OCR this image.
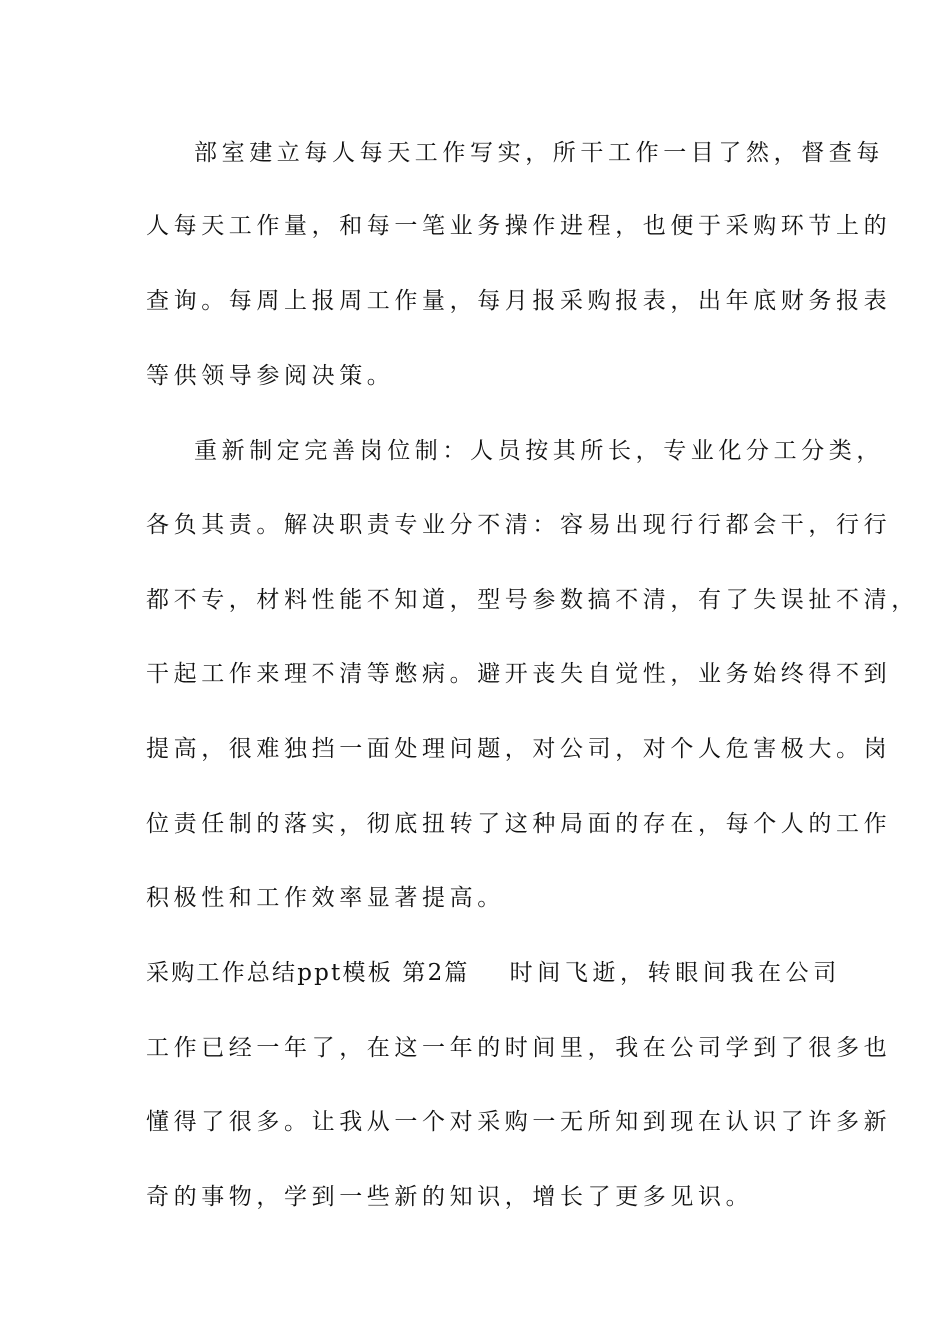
部室建立每人每天工作写实，所干工作一目了然，督查每
人每天工作量，和每一笔业务操作进程，也便于采购环节上的
查询。每周上报周工作量，每月报采购报表，出年底财务报表
等供领导参阅决策。
重新制定完善岗位制：人员按其所长，专业化分工分类，
各负其责。解决职责专业分不清：容易出现行行都会干，行行
都不专，材料性能不知道，型号参数搞不清，有了失误扯不清，
干起工作来理不清等憋病。避开丧失自觉性，业务始终得不到
提高，很难独挡一面处理问题，对公司，对个人危害极大。岗
位责任制的落实，彻底扭转了这种局面的存在，每个人的工作
积极性和工作效率显著提高。
采购工作总结ppt模板 第2篇 时间飞逝，转眼间我在公司
工作已经一年了，在这一年的时间里，我在公司学到了很多也
懂得了很多。让我从一个对采购一无所知到现在认识了许多新
奇的事物，学到一些新的知识，增长了更多见识。
